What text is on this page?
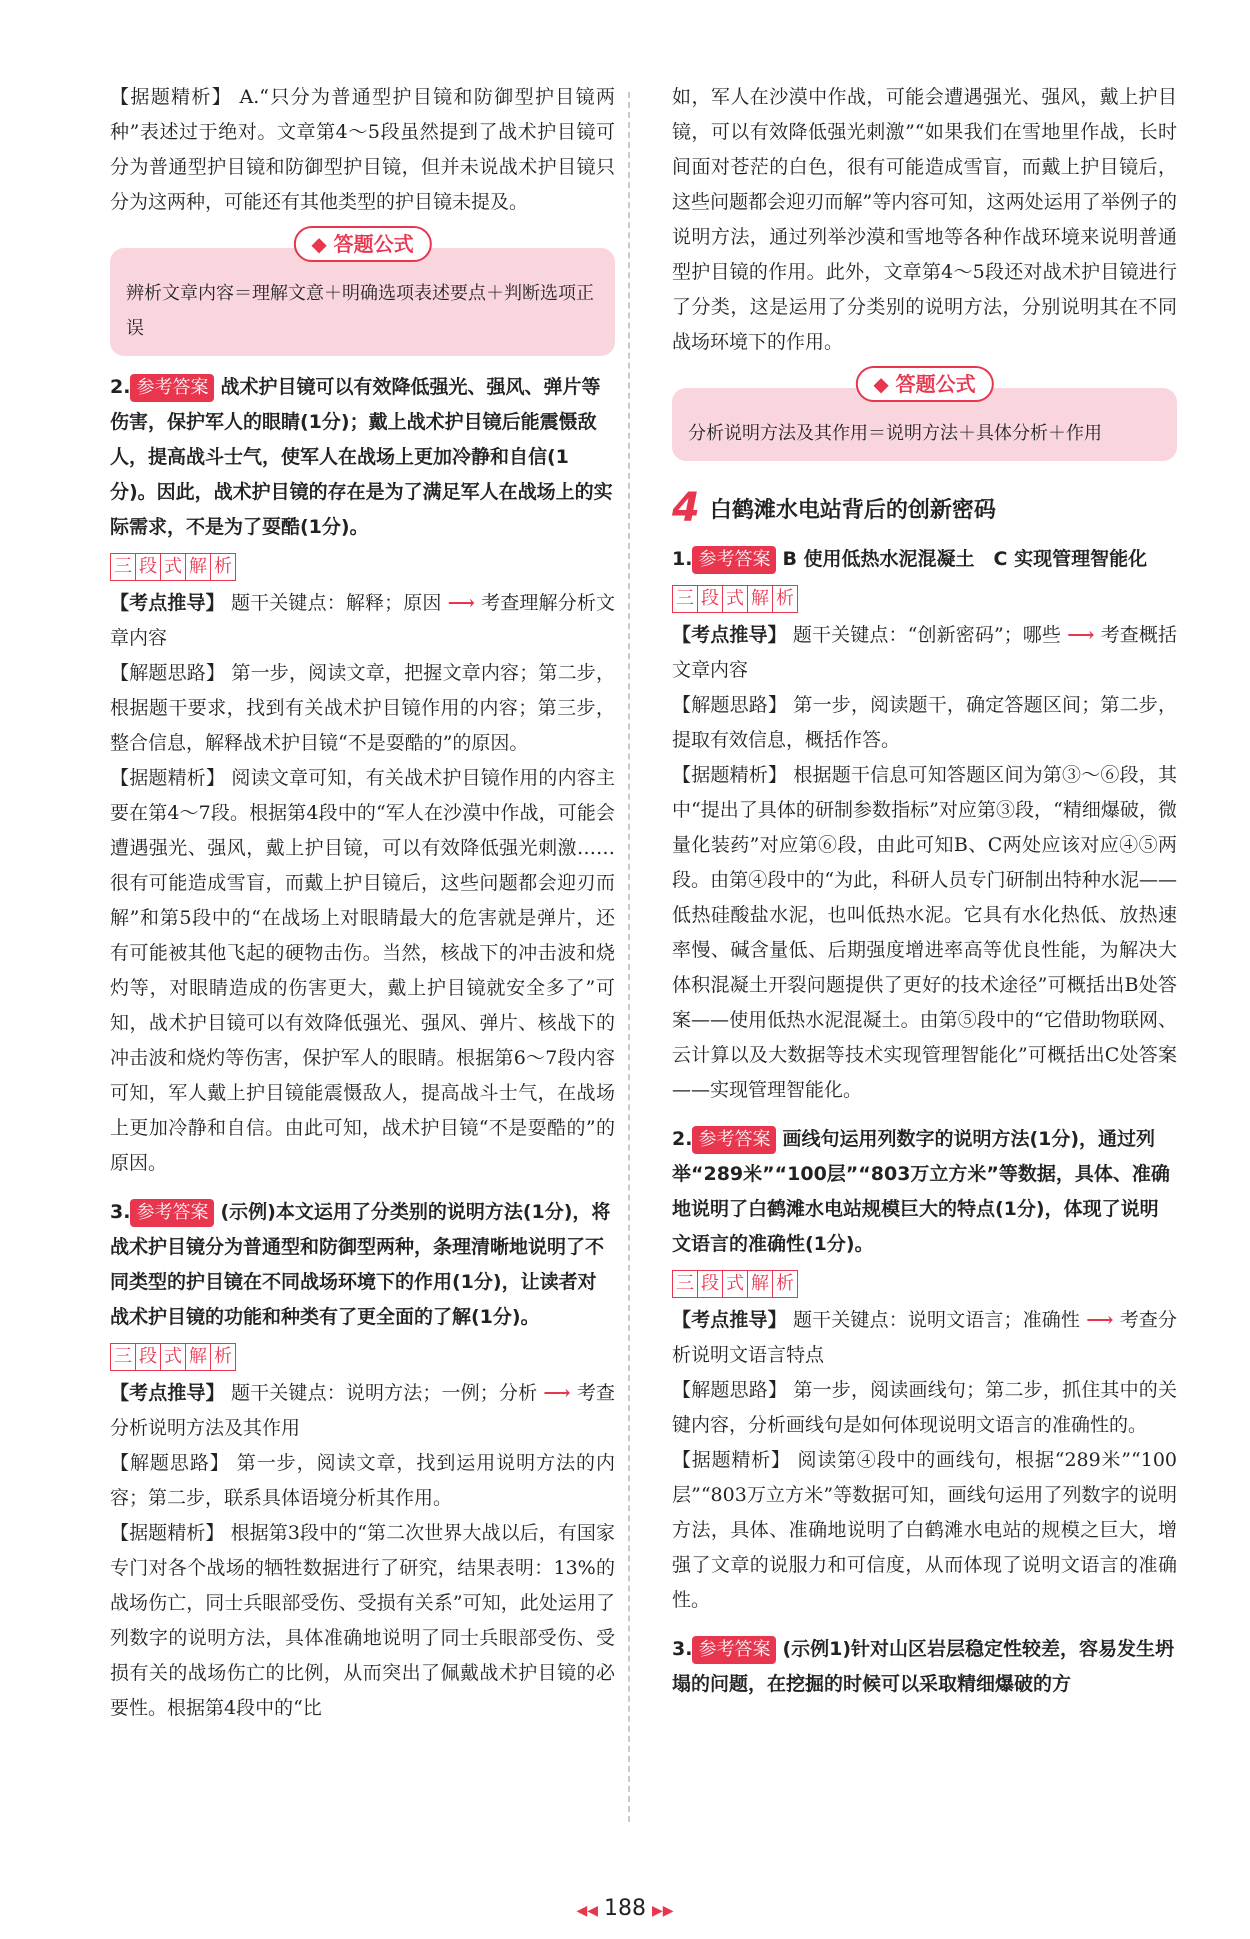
【据题精析】 A.“只分为普通型护目镜和防御型护目镜两种”表述过于绝对。文章第4～5段虽然提到了战术护目镜可分为普通型护目镜和防御型护目镜，但并未说战术护目镜只分为这两种，可能还有其他类型的护目镜未提及。

◆ 答题公式
辨析文章内容＝理解文意＋明确选项表述要点＋判断选项正误
2. 参考答案 战术护目镜可以有效降低强光、强风、弹片等伤害，保护军人的眼睛(1分)；戴上战术护目镜后能震慑敌人，提高战斗士气，使军人在战场上更加冷静和自信(1分)。因此，战术护目镜的存在是为了满足军人在战场上的实际需求，不是为了耍酷(1分)。
三 段 式 解 析

【考点推导】 题干关键点：解释；原因 ⟶ 考查理解分析文章内容

【解题思路】 第一步，阅读文章，把握文章内容；第二步，根据题干要求，找到有关战术护目镜作用的内容；第三步，整合信息，解释战术护目镜“不是耍酷的”的原因。

【据题精析】 阅读文章可知，有关战术护目镜作用的内容主要在第4～7段。根据第4段中的“军人在沙漠中作战，可能会遭遇强光、强风，戴上护目镜，可以有效降低强光刺激……很有可能造成雪盲，而戴上护目镜后，这些问题都会迎刃而解”和第5段中的“在战场上对眼睛最大的危害就是弹片，还有可能被其他飞起的硬物击伤。当然，核战下的冲击波和烧灼等，对眼睛造成的伤害更大，戴上护目镜就安全多了”可知，战术护目镜可以有效降低强光、强风、弹片、核战下的冲击波和烧灼等伤害，保护军人的眼睛。根据第6～7段内容可知，军人戴上护目镜能震慑敌人，提高战斗士气，在战场上更加冷静和自信。由此可知，战术护目镜“不是耍酷的”的原因。

3. 参考答案 (示例)本文运用了分类别的说明方法(1分)，将战术护目镜分为普通型和防御型两种，条理清晰地说明了不同类型的护目镜在不同战场环境下的作用(1分)，让读者对战术护目镜的功能和种类有了更全面的了解(1分)。
三 段 式 解 析

【考点推导】 题干关键点：说明方法；一例；分析 ⟶ 考查分析说明方法及其作用

【解题思路】 第一步，阅读文章，找到运用说明方法的内容；第二步，联系具体语境分析其作用。

【据题精析】 根据第3段中的“第二次世界大战以后，有国家专门对各个战场的牺牲数据进行了研究，结果表明：13%的战场伤亡，同士兵眼部受伤、受损有关系”可知，此处运用了列数字的说明方法，具体准确地说明了同士兵眼部受伤、受损有关的战场伤亡的比例，从而突出了佩戴战术护目镜的必要性。根据第4段中的“比

如，军人在沙漠中作战，可能会遭遇强光、强风，戴上护目镜，可以有效降低强光刺激”“如果我们在雪地里作战，长时间面对苍茫的白色，很有可能造成雪盲，而戴上护目镜后，这些问题都会迎刃而解”等内容可知，这两处运用了举例子的说明方法，通过列举沙漠和雪地等各种作战环境来说明普通型护目镜的作用。此外，文章第4～5段还对战术护目镜进行了分类，这是运用了分类别的说明方法，分别说明其在不同战场环境下的作用。

◆ 答题公式
分析说明方法及其作用＝说明方法＋具体分析＋作用
4 白鹤滩水电站背后的创新密码
1. 参考答案 B 使用低热水泥混凝土　C 实现管理智能化
三 段 式 解 析

【考点推导】 题干关键点：“创新密码”；哪些 ⟶ 考查概括文章内容

【解题思路】 第一步，阅读题干，确定答题区间；第二步，提取有效信息，概括作答。

【据题精析】 根据题干信息可知答题区间为第③～⑥段，其中“提出了具体的研制参数指标”对应第③段，“精细爆破，微量化装药”对应第⑥段，由此可知B、C两处应该对应④⑤两段。由第④段中的“为此，科研人员专门研制出特种水泥——低热硅酸盐水泥，也叫低热水泥。它具有水化热低、放热速率慢、碱含量低、后期强度增进率高等优良性能，为解决大体积混凝土开裂问题提供了更好的技术途径”可概括出B处答案——使用低热水泥混凝土。由第⑤段中的“它借助物联网、云计算以及大数据等技术实现管理智能化”可概括出C处答案——实现管理智能化。

2. 参考答案 画线句运用列数字的说明方法(1分)，通过列举“289米”“100层”“803万立方米”等数据，具体、准确地说明了白鹤滩水电站规模巨大的特点(1分)，体现了说明文语言的准确性(1分)。
三 段 式 解 析

【考点推导】 题干关键点：说明文语言；准确性 ⟶ 考查分析说明文语言特点

【解题思路】 第一步，阅读画线句；第二步，抓住其中的关键内容，分析画线句是如何体现说明文语言的准确性的。

【据题精析】 阅读第④段中的画线句，根据“289米”“100层”“803万立方米”等数据可知，画线句运用了列数字的说明方法，具体、准确地说明了白鹤滩水电站的规模之巨大，增强了文章的说服力和可信度，从而体现了说明文语言的准确性。

3. 参考答案 (示例1)针对山区岩层稳定性较差，容易发生坍塌的问题，在挖掘的时候可以采取精细爆破的方
◀◀ 188 ▶▶
